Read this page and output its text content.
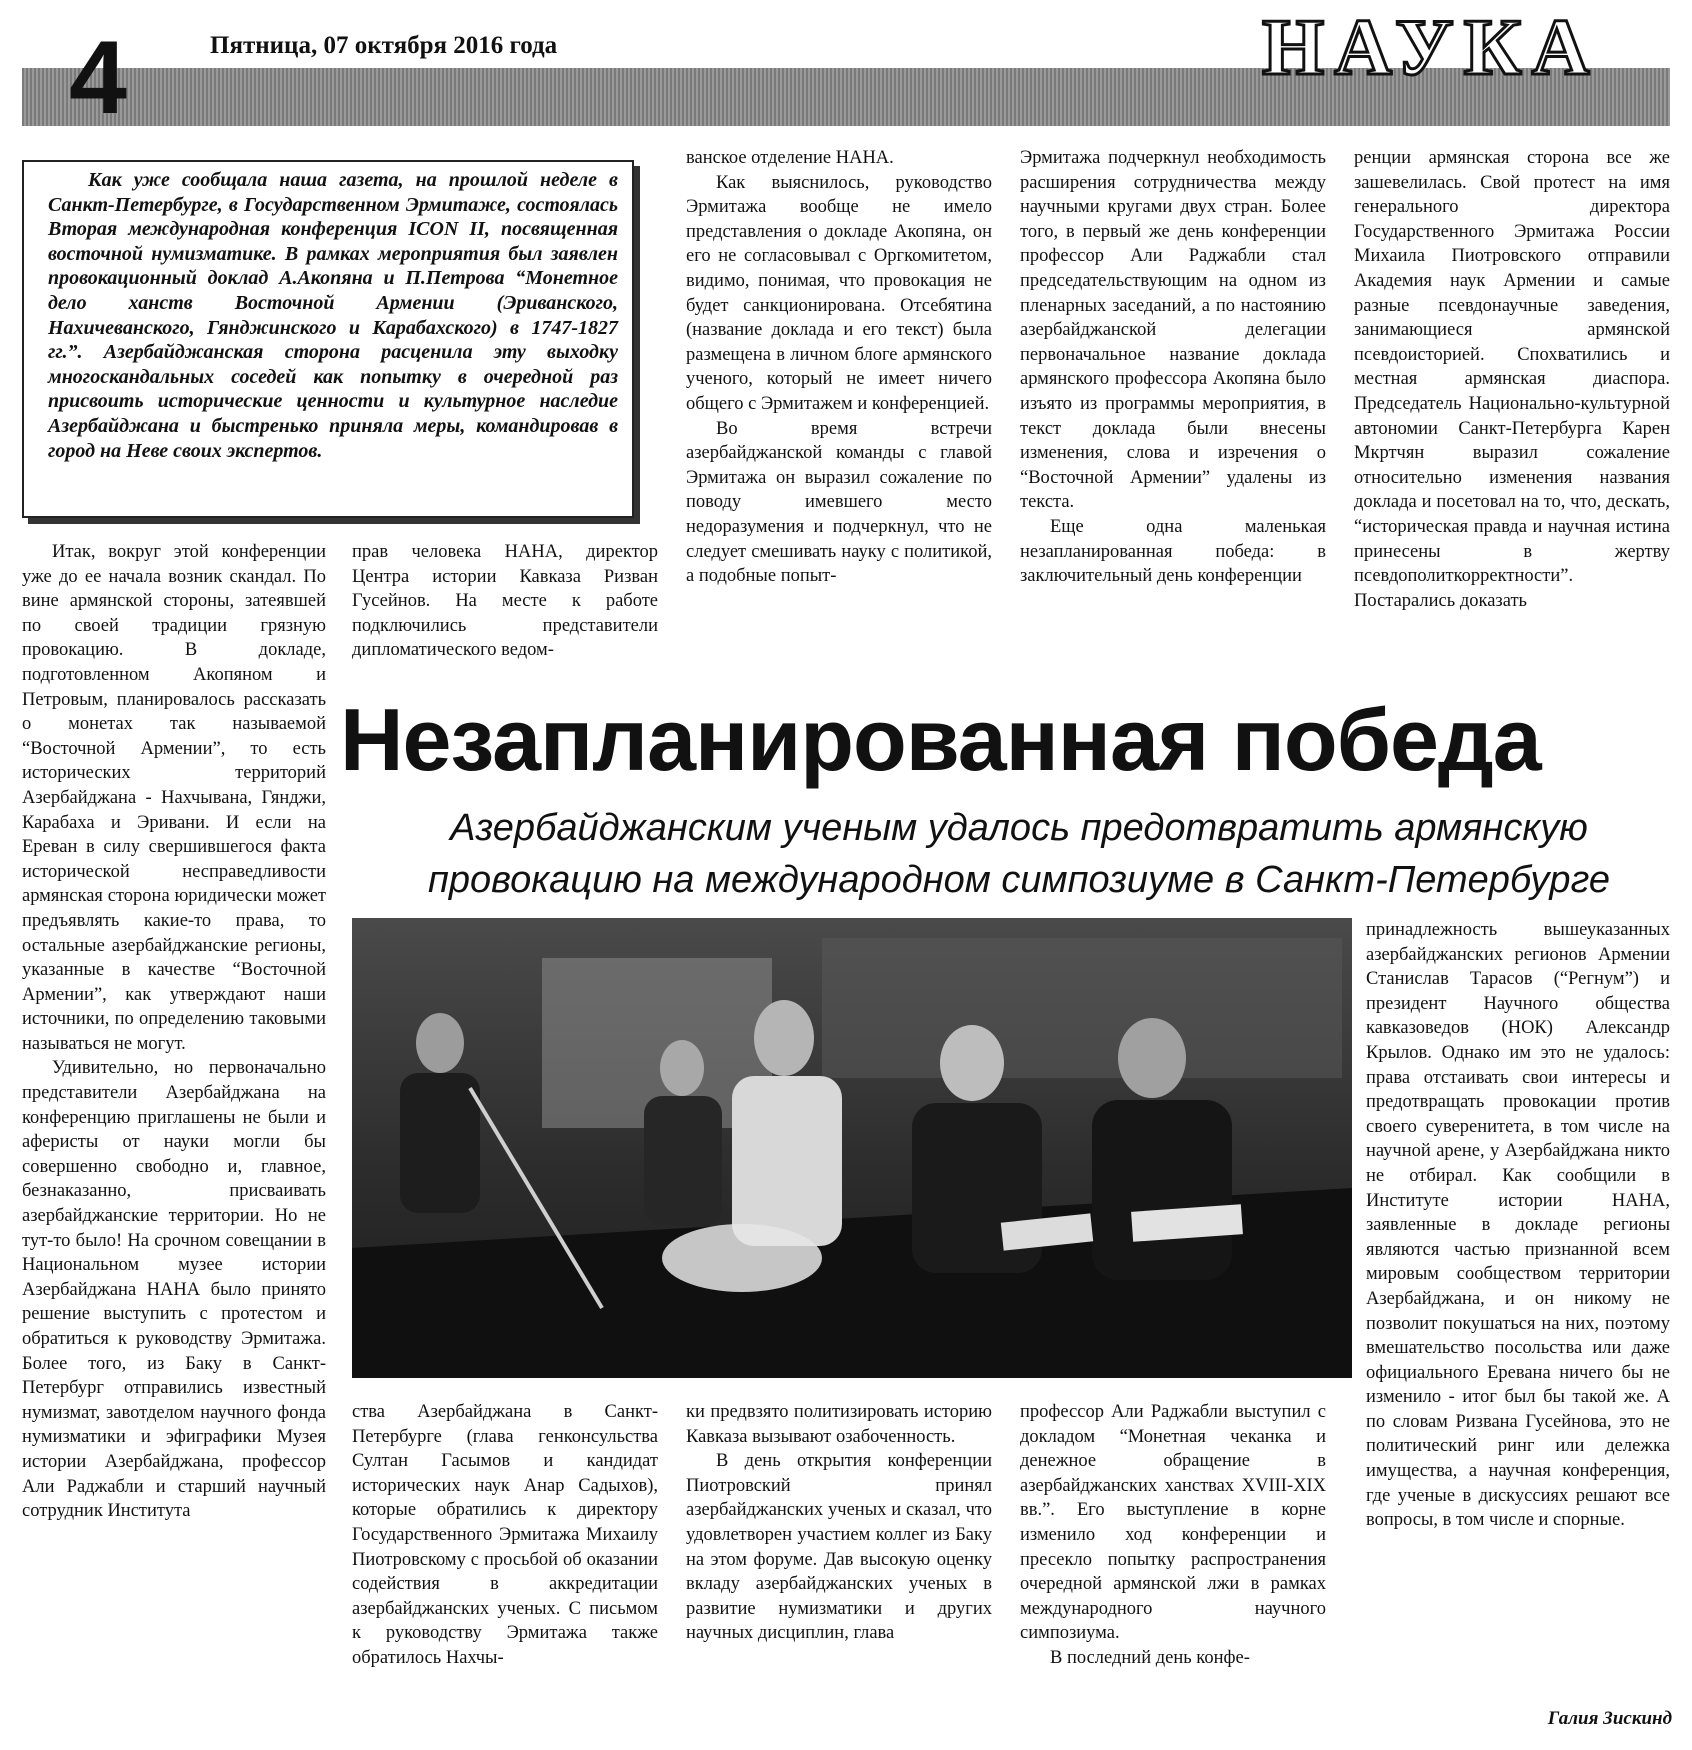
4	Пятница, 07 октября 2016 года	НАУКА

Как уже сообщала наша газета, на прошлой неделе в Санкт-Петербурге, в Государственном Эрмитаже, состоялась Вторая международная конференция ICON II, посвященная восточной нумизматике. В рамках мероприятия был заявлен провокационный доклад А.Акопяна и П.Петрова “Монетное дело ханств Восточной Армении (Эриванского, Нахичеванского, Гянджинского и Карабахского) в 1747-1827 гг.”. Азербайджанская сторона расценила эту выходку многоскандальных соседей как попытку в очередной раз присвоить исторические ценности и культурное наследие Азербайджана и быстренько приняла меры, командировав в город на Неве своих экспертов.

Итак, вокруг этой конференции уже до ее начала возник скандал. По вине армянской стороны, затеявшей по своей традиции грязную провокацию. В докладе, подготовленном Акопяном и Петровым, планировалось рассказать о монетах так называемой “Восточной Армении”, то есть исторических территорий Азербайджана - Нахчывана, Гянджи, Карабаха и Эривани. И если на Ереван в силу свершившегося факта исторической несправедливости армянская сторона юридически может предъявлять какие-то права, то остальные азербайджанские регионы, указанные в качестве “Восточной Армении”, как утверждают наши источники, по определению таковыми называться не могут.

Удивительно, но первоначально представители Азербайджана на конференцию приглашены не были и аферисты от науки могли бы совершенно свободно и, главное, безнаказанно, присваивать азербайджанские территории. Но не тут-то было! На срочном совещании в Национальном музее истории Азербайджана НАНА было принято решение выступить с протестом и обратиться к руководству Эрмитажа. Более того, из Баку в Санкт-Петербург отправились известный нумизмат, завотделом научного фонда нумизматики и эфиграфики Музея истории Азербайджана, профессор Али Раджабли и старший научный сотрудник Института

прав человека НАНА, директор Центра истории Кавказа Ризван Гусейнов. На месте к работе подключились представители дипломатического ведом-

ванское отделение НАНА.

Как выяснилось, руководство Эрмитажа вообще не имело представления о докладе Акопяна, он его не согласовывал с Оргкомитетом, видимо, понимая, что провокация не будет санкционирована. Отсебятина (название доклада и его текст) была размещена в личном блоге армянского ученого, который не имеет ничего общего с Эрмитажем и конференцией.

Во время встречи азербайджанской команды с главой Эрмитажа он выразил сожаление по поводу имевшего место недоразумения и подчеркнул, что не следует смешивать науку с политикой, а подобные попыт-

Эрмитажа подчеркнул необходимость расширения сотрудничества между научными кругами двух стран. Более того, в первый же день конференции профессор Али Раджабли стал председательствующим на одном из пленарных заседаний, а по настоянию азербайджанской делегации первоначальное название доклада армянского профессора Акопяна было изъято из программы мероприятия, в текст доклада были внесены изменения, слова и изречения о “Восточной Армении” удалены из текста.

Еще одна маленькая незапланированная победа: в заключительный день конференции

ренции армянская сторона все же зашевелилась. Свой протест на имя генерального директора Государственного Эрмитажа России Михаила Пиотровского отправили Академия наук Армении и самые разные псевдонаучные заведения, занимающиеся армянской псевдоисторией. Спохватились и местная армянская диаспора. Председатель Национально-культурной автономии Санкт-Петербурга Карен Мкртчян выразил сожаление относительно изменения названия доклада и посетовал на то, что, дескать, “историческая правда и научная истина принесены в жертву псевдополиткорректности”. Постарались доказать

Незапланированная победа
Азербайджанским ученым удалось предотвратить армянскую провокацию на международном симпозиуме в Санкт-Петербурге

ства Азербайджана в Санкт-Петербурге (глава генконсульства Султан Гасымов и кандидат исторических наук Анар Садыхов), которые обратились к директору Государственного Эрмитажа Михаилу Пиотровскому с просьбой об оказании содействия в аккредитации азербайджанских ученых. С письмом к руководству Эрмитажа также обратилось Нахчы-

ки предвзято политизировать историю Кавказа вызывают озабоченность.

В день открытия конференции Пиотровский принял азербайджанских ученых и сказал, что удовлетворен участием коллег из Баку на этом форуме. Дав высокую оценку вкладу азербайджанских ученых в развитие нумизматики и других научных дисциплин, глава

профессор Али Раджабли выступил с докладом “Монетная чеканка и денежное обращение в азербайджанских ханствах XVIII-XIX вв.”. Его выступление в корне изменило ход конференции и пресекло попытку распространения очередной армянской лжи в рамках международного научного симпозиума.

В последний день конфе-

принадлежность вышеуказанных азербайджанских регионов Армении Станислав Тарасов (“Регнум”) и президент Научного общества кавказоведов (НОК) Александр Крылов. Однако им это не удалось: права отстаивать свои интересы и предотвращать провокации против своего суверенитета, в том числе на научной арене, у Азербайджана никто не отбирал. Как сообщили в Институте истории НАНА, заявленные в докладе регионы являются частью признанной всем мировым сообществом территории Азербайджана, и он никому не позволит покушаться на них, поэтому вмешательство посольства или даже официального Еревана ничего бы не изменило - итог был бы такой же. А по словам Ризвана Гусейнова, это не политический ринг или дележка имущества, а научная конференция, где ученые в дискуссиях решают все вопросы, в том числе и спорные.

Галия Зискинд
